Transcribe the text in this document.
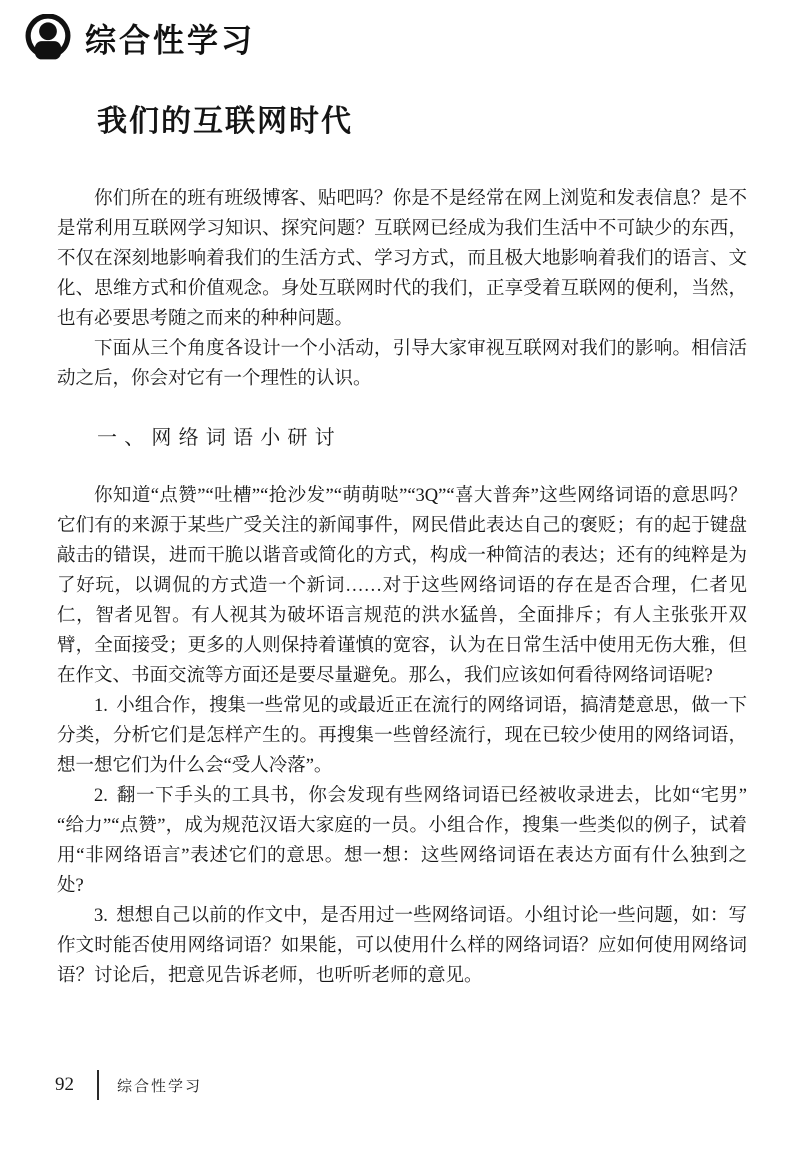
综合性学习
我们的互联网时代

你们所在的班有班级博客、贴吧吗？你是不是经常在网上浏览和发表信息？是不是常利用互联网学习知识、探究问题？互联网已经成为我们生活中不可缺少的东西，不仅在深刻地影响着我们的生活方式、学习方式，而且极大地影响着我们的语言、文化、思维方式和价值观念。身处互联网时代的我们，正享受着互联网的便利，当然，也有必要思考随之而来的种种问题。

下面从三个角度各设计一个小活动，引导大家审视互联网对我们的影响。相信活动之后，你会对它有一个理性的认识。

一、网络词语小研讨

你知道“点赞”“吐槽”“抢沙发”“萌萌哒”“3Q”“喜大普奔”这些网络词语的意思吗？它们有的来源于某些广受关注的新闻事件，网民借此表达自己的褒贬；有的起于键盘敲击的错误，进而干脆以谐音或简化的方式，构成一种简洁的表达；还有的纯粹是为了好玩，以调侃的方式造一个新词……对于这些网络词语的存在是否合理，仁者见仁，智者见智。有人视其为破坏语言规范的洪水猛兽，全面排斥；有人主张张开双臂，全面接受；更多的人则保持着谨慎的宽容，认为在日常生活中使用无伤大雅，但在作文、书面交流等方面还是要尽量避免。那么，我们应该如何看待网络词语呢?

1. 小组合作，搜集一些常见的或最近正在流行的网络词语，搞清楚意思，做一下分类，分析它们是怎样产生的。再搜集一些曾经流行，现在已较少使用的网络词语，想一想它们为什么会“受人冷落”。

2. 翻一下手头的工具书，你会发现有些网络词语已经被收录进去，比如“宅男”“给力”“点赞”，成为规范汉语大家庭的一员。小组合作，搜集一些类似的例子，试着用“非网络语言”表述它们的意思。想一想：这些网络词语在表达方面有什么独到之处?

3. 想想自己以前的作文中，是否用过一些网络词语。小组讨论一些问题，如：写作文时能否使用网络词语？如果能，可以使用什么样的网络词语？应如何使用网络词语？讨论后，把意见告诉老师，也听听老师的意见。

92	综合性学习
